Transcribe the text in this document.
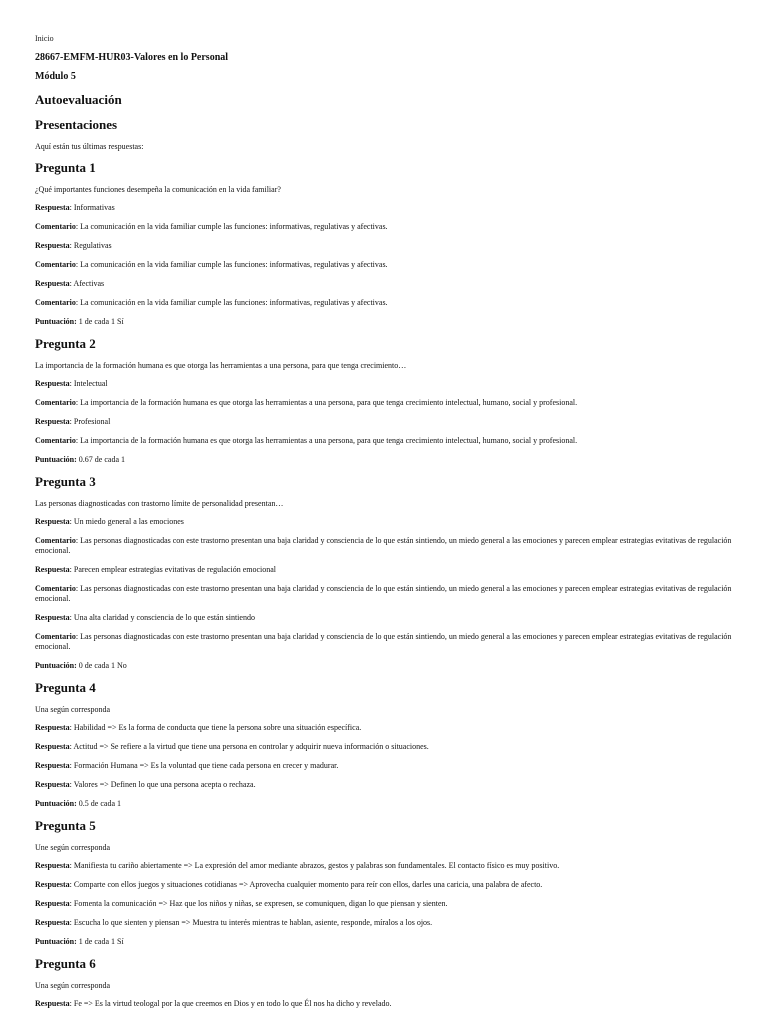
Inicio
28667-EMFM-HUR03-Valores en lo Personal
Módulo 5
Autoevaluación
Presentaciones
Aquí están tus últimas respuestas:
Pregunta 1
¿Qué importantes funciones desempeña la comunicación en la vida familiar?
Respuesta: Informativas
Comentario: La comunicación en la vida familiar cumple las funciones: informativas, regulativas y afectivas.
Respuesta: Regulativas
Comentario: La comunicación en la vida familiar cumple las funciones: informativas, regulativas y afectivas.
Respuesta: Afectivas
Comentario: La comunicación en la vida familiar cumple las funciones: informativas, regulativas y afectivas.
Puntuación: 1 de cada 1 Sí
Pregunta 2
La importancia de la formación humana es que otorga las herramientas a una persona, para que tenga crecimiento…
Respuesta: Intelectual
Comentario: La importancia de la formación humana es que otorga las herramientas a una persona, para que tenga crecimiento intelectual, humano, social y profesional.
Respuesta: Profesional
Comentario: La importancia de la formación humana es que otorga las herramientas a una persona, para que tenga crecimiento intelectual, humano, social y profesional.
Puntuación: 0.67 de cada 1
Pregunta 3
Las personas diagnosticadas con trastorno límite de personalidad presentan…
Respuesta: Un miedo general a las emociones
Comentario: Las personas diagnosticadas con este trastorno presentan una baja claridad y consciencia de lo que están sintiendo, un miedo general a las emociones y parecen emplear estrategias evitativas de regulación emocional.
Respuesta: Parecen emplear estrategias evitativas de regulación emocional
Comentario: Las personas diagnosticadas con este trastorno presentan una baja claridad y consciencia de lo que están sintiendo, un miedo general a las emociones y parecen emplear estrategias evitativas de regulación emocional.
Respuesta: Una alta claridad y consciencia de lo que están sintiendo
Comentario: Las personas diagnosticadas con este trastorno presentan una baja claridad y consciencia de lo que están sintiendo, un miedo general a las emociones y parecen emplear estrategias evitativas de regulación emocional.
Puntuación: 0 de cada 1 No
Pregunta 4
Una según corresponda
Respuesta: Habilidad => Es la forma de conducta que tiene la persona sobre una situación específica.
Respuesta: Actitud => Se refiere a la virtud que tiene una persona en controlar y adquirir nueva información o situaciones.
Respuesta: Formación Humana => Es la voluntad que tiene cada persona en crecer y madurar.
Respuesta: Valores => Definen lo que una persona acepta o rechaza.
Puntuación: 0.5 de cada 1
Pregunta 5
Une según corresponda
Respuesta: Manifiesta tu cariño abiertamente => La expresión del amor mediante abrazos, gestos y palabras son fundamentales. El contacto físico es muy positivo.
Respuesta: Comparte con ellos juegos y situaciones cotidianas => Aprovecha cualquier momento para reír con ellos, darles una caricia, una palabra de afecto.
Respuesta: Fomenta la comunicación => Haz que los niños y niñas, se expresen, se comuniquen, digan lo que piensan y sienten.
Respuesta: Escucha lo que sienten y piensan => Muestra tu interés mientras te hablan, asiente, responde, míralos a los ojos.
Puntuación: 1 de cada 1 Sí
Pregunta 6
Una según corresponda
Respuesta: Fe => Es la virtud teologal por la que creemos en Dios y en todo lo que Él nos ha dicho y revelado.
